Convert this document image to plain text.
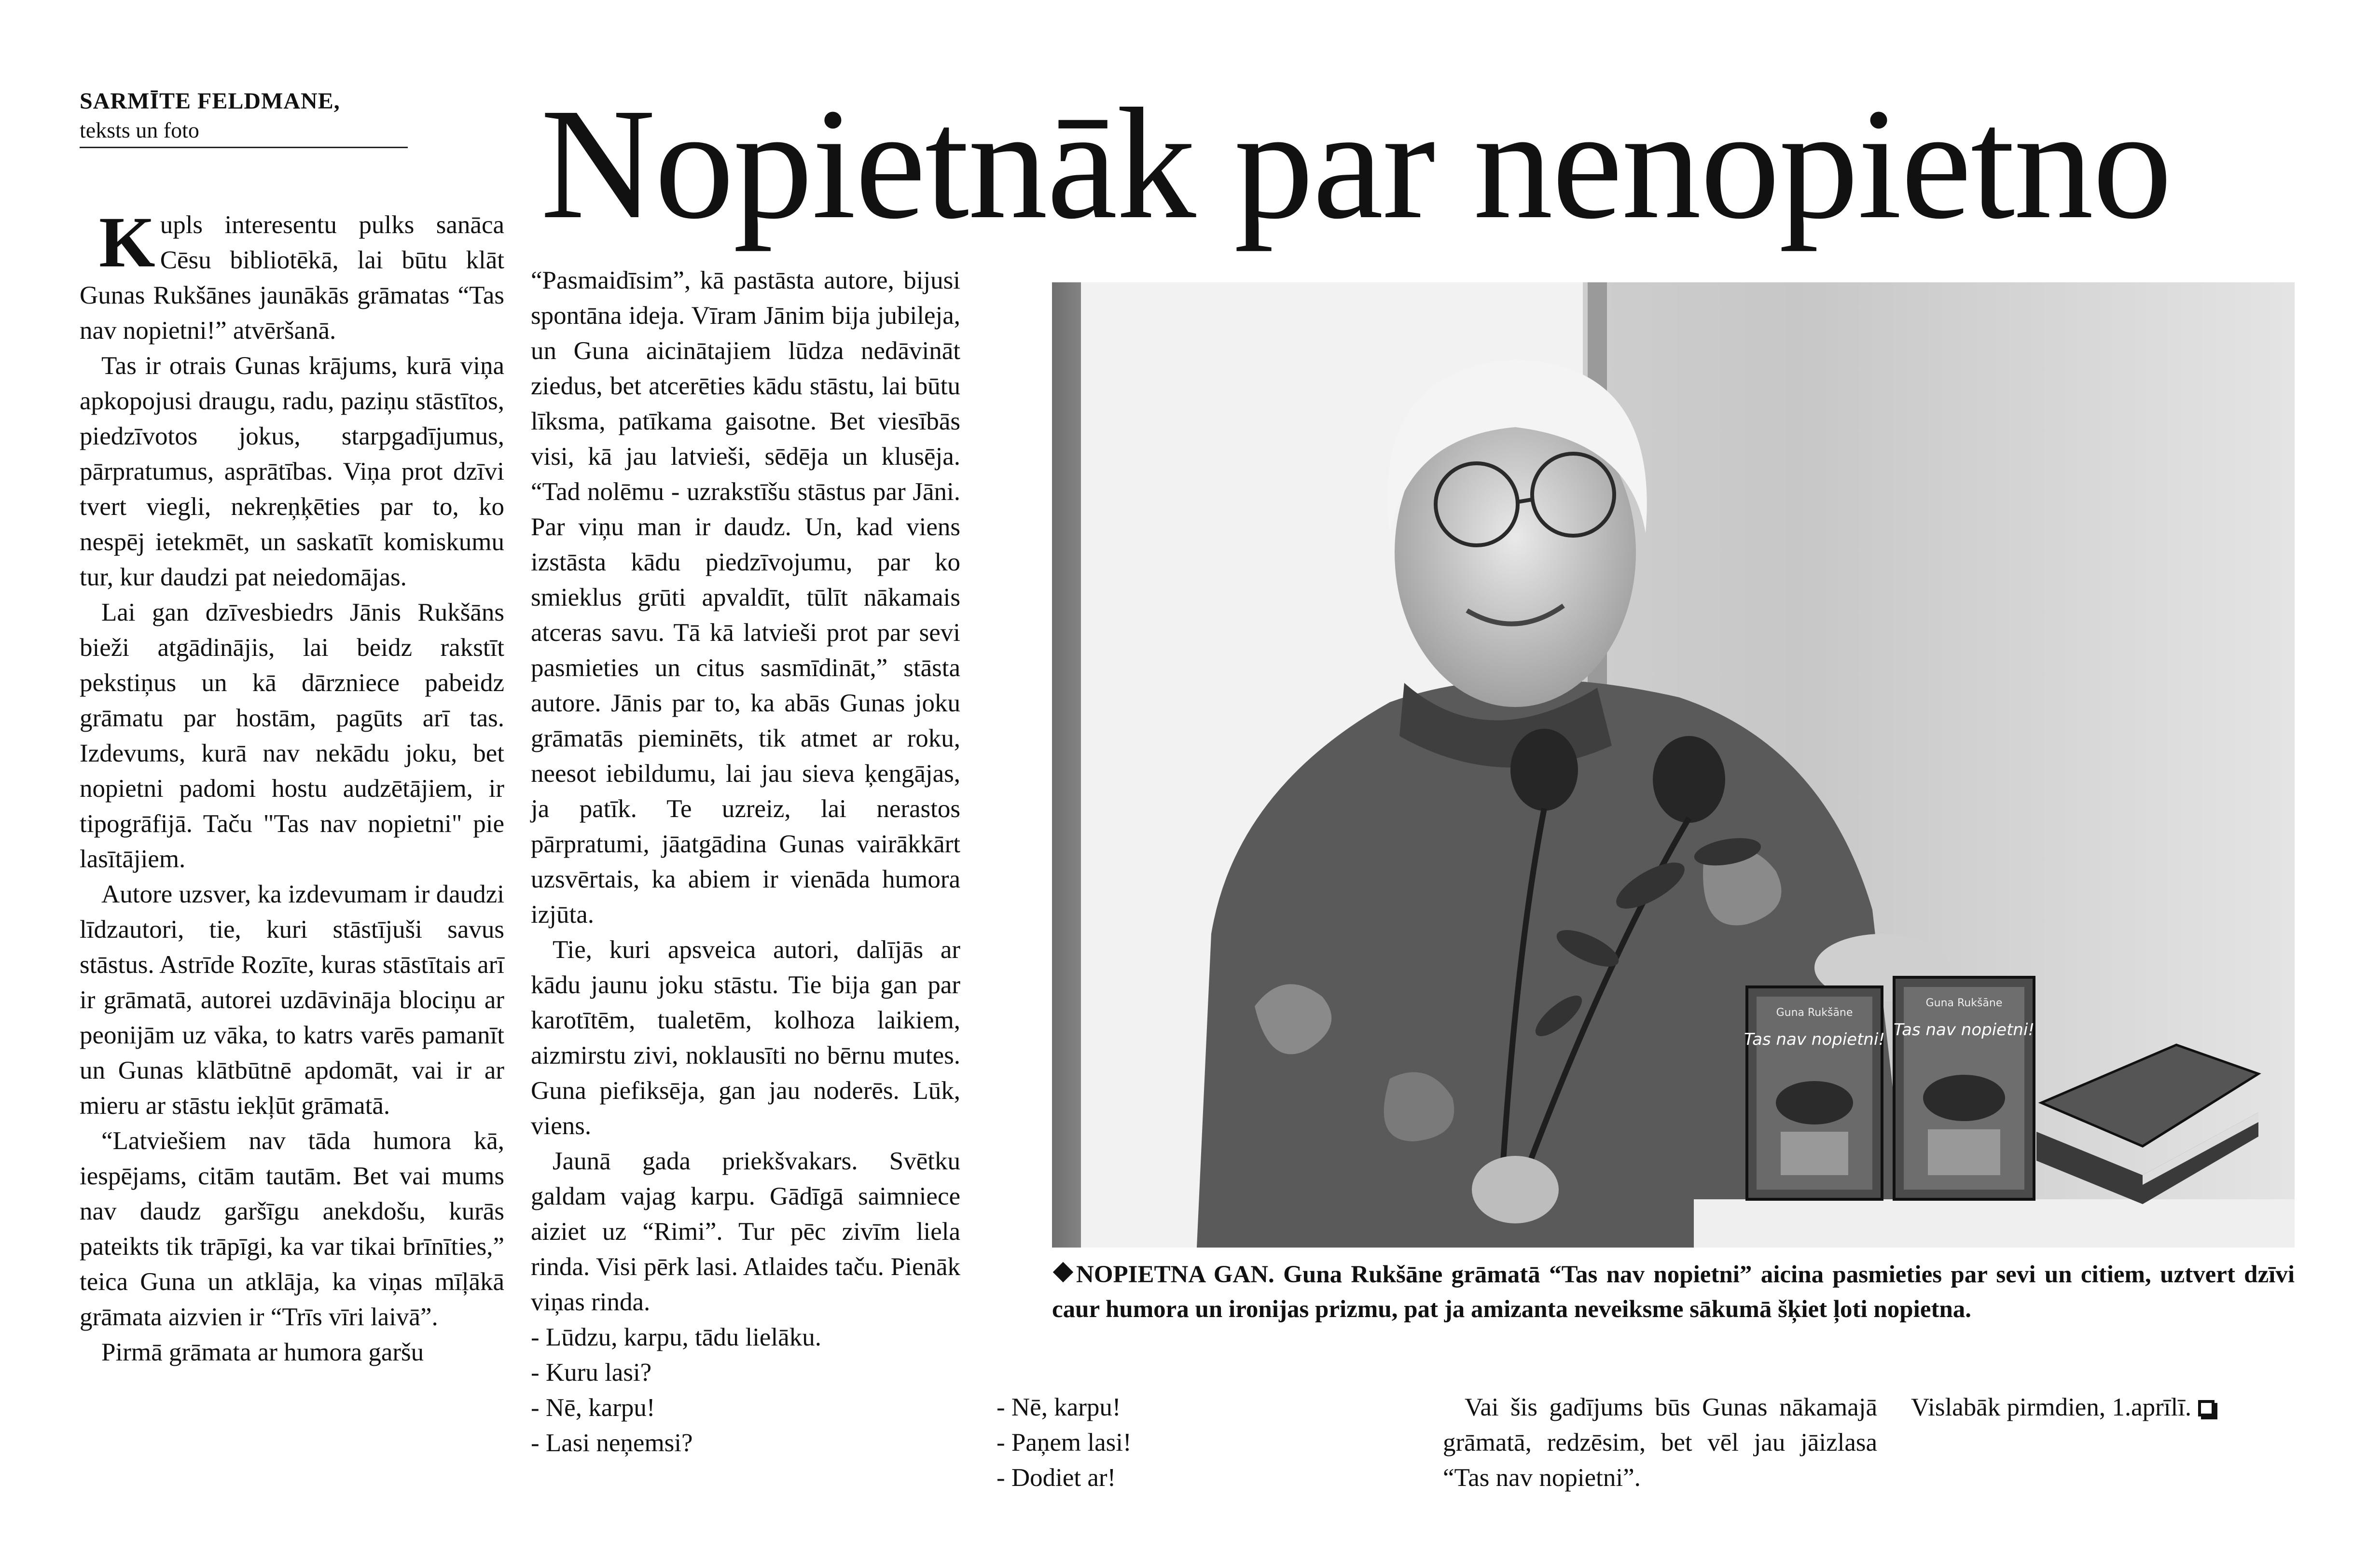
SARMĪTE FELDMANE,
teksts un foto	Nopietnāk par nenopietno

Kupls interesentu pulks sanāca Cēsu bibliotēkā, lai būtu klāt Gunas Rukšānes jaunākās grāmatas “Tas nav nopietni!” atvēršanā.

Tas ir otrais Gunas krājums, kurā viņa apkopojusi draugu, radu, paziņu stāstītos, piedzīvotos jokus, starpgadījumus, pārpratumus, asprātības. Viņa prot dzīvi tvert viegli, nekreņķēties par to, ko nespēj ietekmēt, un saskatīt komiskumu tur, kur daudzi pat neiedomājas.

Lai gan dzīvesbiedrs Jānis Rukšāns bieži atgādinājis, lai beidz rakstīt pekstiņus un kā dārzniece pabeidz grāmatu par hostām, pagūts arī tas. Izdevums, kurā nav nekādu joku, bet nopietni padomi hostu audzētājiem, ir tipogrāfijā. Taču "Tas nav nopietni" pie lasītājiem.

Autore uzsver, ka izdevumam ir daudzi līdzautori, tie, kuri stāstījuši savus stāstus. Astrīde Rozīte, kuras stāstītais arī ir grāmatā, autorei uzdāvināja blociņu ar peonijām uz vāka, to katrs varēs pamanīt un Gunas klātbūtnē apdomāt, vai ir ar mieru ar stāstu iekļūt grāmatā.

“Latviešiem nav tāda humora kā, iespējams, citām tautām. Bet vai mums nav daudz garšīgu anekdošu, kurās pateikts tik trāpīgi, ka var tikai brīnīties,” teica Guna un atklāja, ka viņas mīļākā grāmata aizvien ir “Trīs vīri laivā”.

Pirmā grāmata ar humora garšu

“Pasmaidīsim”, kā pastāsta autore, bijusi spontāna ideja. Vīram Jānim bija jubileja, un Guna aicinātajiem lūdza nedāvināt ziedus, bet atcerēties kādu stāstu, lai būtu līksma, patīkama gaisotne. Bet viesībās visi, kā jau latvieši, sēdēja un klusēja. “Tad nolēmu - uzrakstīšu stāstus par Jāni. Par viņu man ir daudz. Un, kad viens izstāsta kādu piedzīvojumu, par ko smieklus grūti apvaldīt, tūlīt nākamais atceras savu. Tā kā latvieši prot par sevi pasmieties un citus sasmīdināt,” stāsta autore. Jānis par to, ka abās Gunas joku grāmatās pieminēts, tik atmet ar roku, neesot iebildumu, lai jau sieva ķengājas, ja patīk. Te uzreiz, lai nerastos pārpratumi, jāatgādina Gunas vairākkārt uzsvērtais, ka abiem ir vienāda humora izjūta.

Tie, kuri apsveica autori, dalījās ar kādu jaunu joku stāstu. Tie bija gan par karotītēm, tualetēm, kolhoza laikiem, aizmirstu zivi, noklausīti no bērnu mutes. Guna piefiksēja, gan jau noderēs. Lūk, viens.

Jaunā gada priekšvakars. Svētku galdam vajag karpu. Gādīgā saimniece aiziet uz “Rimi”. Tur pēc zivīm liela rinda. Visi pērk lasi. Atlaides taču. Pienāk viņas rinda.

- Lūdzu, karpu, tādu lielāku.
- Kuru lasi?
- Nē, karpu!
- Lasi neņemsi?
Guna Rukšāne
Tas nav nopietni!
Guna Rukšāne
Tas nav nopietni!
NOPIETNA GAN. Guna Rukšāne grāmatā “Tas nav nopietni” aicina pasmieties par sevi un citiem, uztvert dzīvi caur humora un ironijas prizmu, pat ja amizanta neveiksme sākumā šķiet ļoti nopietna.
- Nē, karpu!
- Paņem lasi!
- Dodiet ar!

Vai šis gadījums būs Gunas nākamajā grāmatā, redzēsim, bet vēl jau jāizlasa “Tas nav nopietni”.

Vislabāk pirmdien, 1.aprīlī.
